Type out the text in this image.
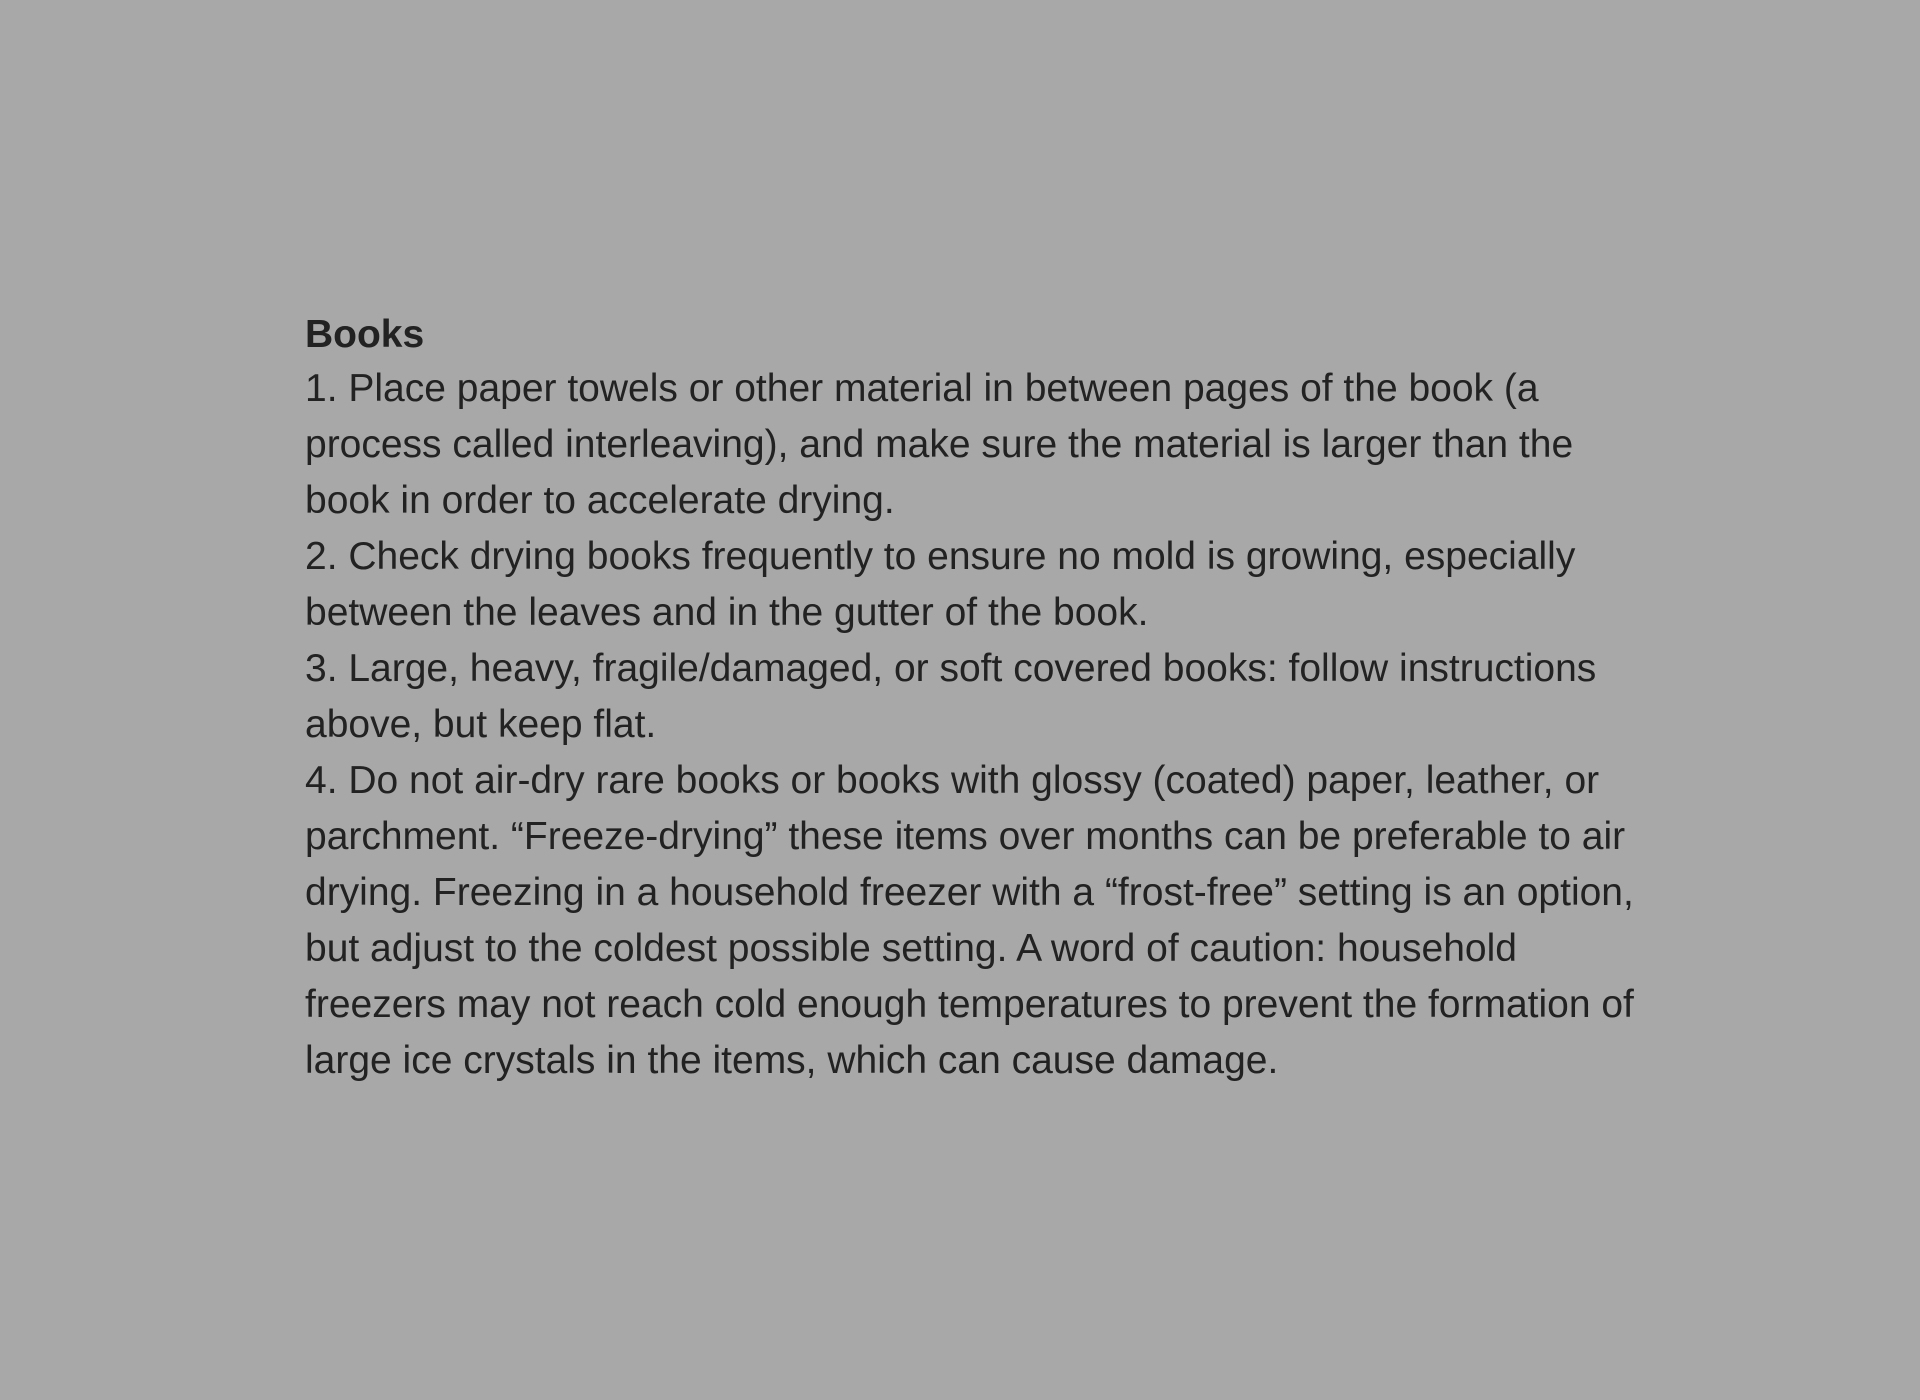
Books
1. Place paper towels or other material in between pages of the book (a process called interleaving), and make sure the material is larger than the book in order to accelerate drying.
2. Check drying books frequently to ensure no mold is growing, especially between the leaves and in the gutter of the book.
3. Large, heavy, fragile/damaged, or soft covered books: follow instructions above, but keep flat.
4. Do not air-dry rare books or books with glossy (coated) paper, leather, or parchment. “Freeze-drying” these items over months can be preferable to air drying. Freezing in a household freezer with a “frost-free” setting is an option, but adjust to the coldest possible setting. A word of caution: household freezers may not reach cold enough temperatures to prevent the formation of large ice crystals in the items, which can cause damage.
